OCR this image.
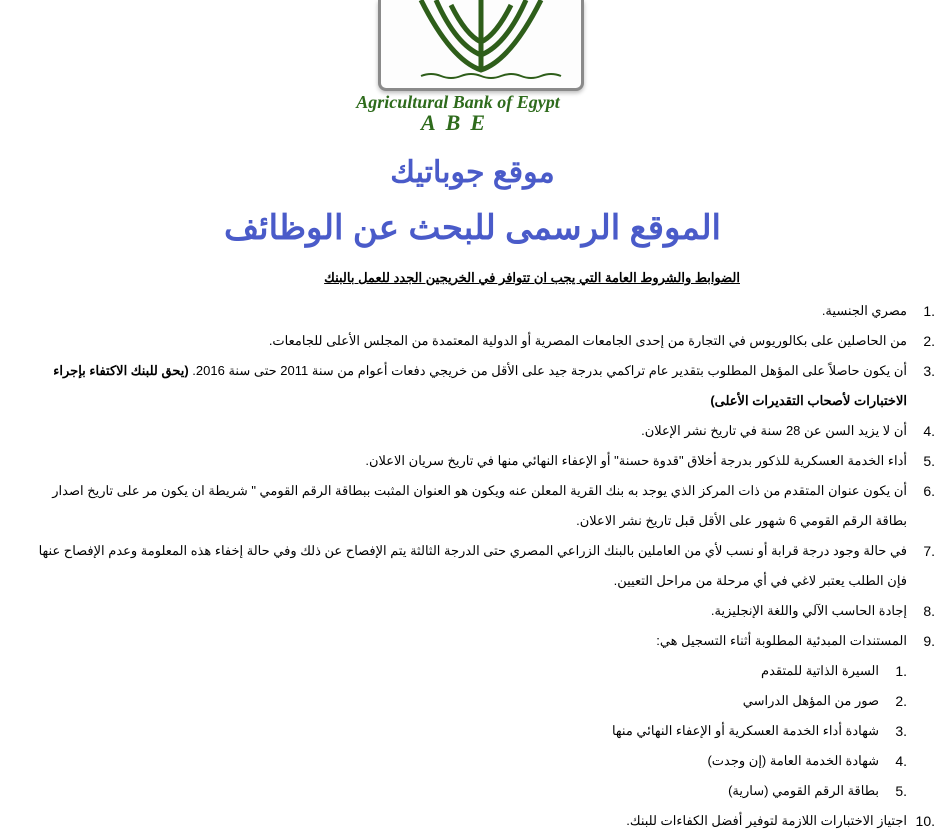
Agricultural Bank of Egypt
ABE
موقع جوباتيك
الموقع الرسمى للبحث عن الوظائف
الضوابط والشروط العامة التي يجب ان تتوافر في الخريجين الجدد للعمل بالبنك
1.
مصري الجنسية.
2.
من الحاصلين على بكالوريوس في التجارة من إحدى الجامعات المصرية أو الدولية المعتمدة من المجلس الأعلى للجامعات.
3.
أن يكون حاصلاً على المؤهل المطلوب بتقدير عام تراكمي بدرجة جيد على الأقل من خريجي دفعات أعوام من سنة 2011 حتى سنة 2016. (يحق للبنك الاكتفاء بإجراء الاختبارات لأصحاب التقديرات الأعلى)
4.
أن لا يزيد السن عن 28 سنة في تاريخ نشر الإعلان.
5.
أداء الخدمة العسكرية للذكور بدرجة أخلاق "قدوة حسنة" أو الإعفاء النهائي منها في تاريخ سريان الاعلان.
6.
أن يكون عنوان المتقدم من ذات المركز الذي يوجد به بنك القرية المعلن عنه ويكون هو العنوان المثبت ببطاقة الرقم القومي " شريطة ان يكون مر على تاريخ اصدار بطاقة الرقم القومي 6 شهور على الأقل قبل تاريخ نشر الاعلان.
7.
في حالة وجود درجة قرابة أو نسب لأي من العاملين بالبنك الزراعي المصري حتى الدرجة الثالثة يتم الإفصاح عن ذلك وفي حالة إخفاء هذه المعلومة وعدم الإفصاح عنها فإن الطلب يعتبر لاغي في أي مرحلة من مراحل التعيين.
8.
إجادة الحاسب الآلي واللغة الإنجليزية.
9.
المستندات المبدئية المطلوبة أثناء التسجيل هي:
1.
السيرة الذاتية للمتقدم
2.
صور من المؤهل الدراسي
3.
شهادة أداء الخدمة العسكرية أو الإعفاء النهائي منها
4.
شهادة الخدمة العامة (إن وجدت)
5.
بطاقة الرقم القومي (سارية)
10.
اجتياز الاختبارات اللازمة لتوفير أفضل الكفاءات للبنك.
